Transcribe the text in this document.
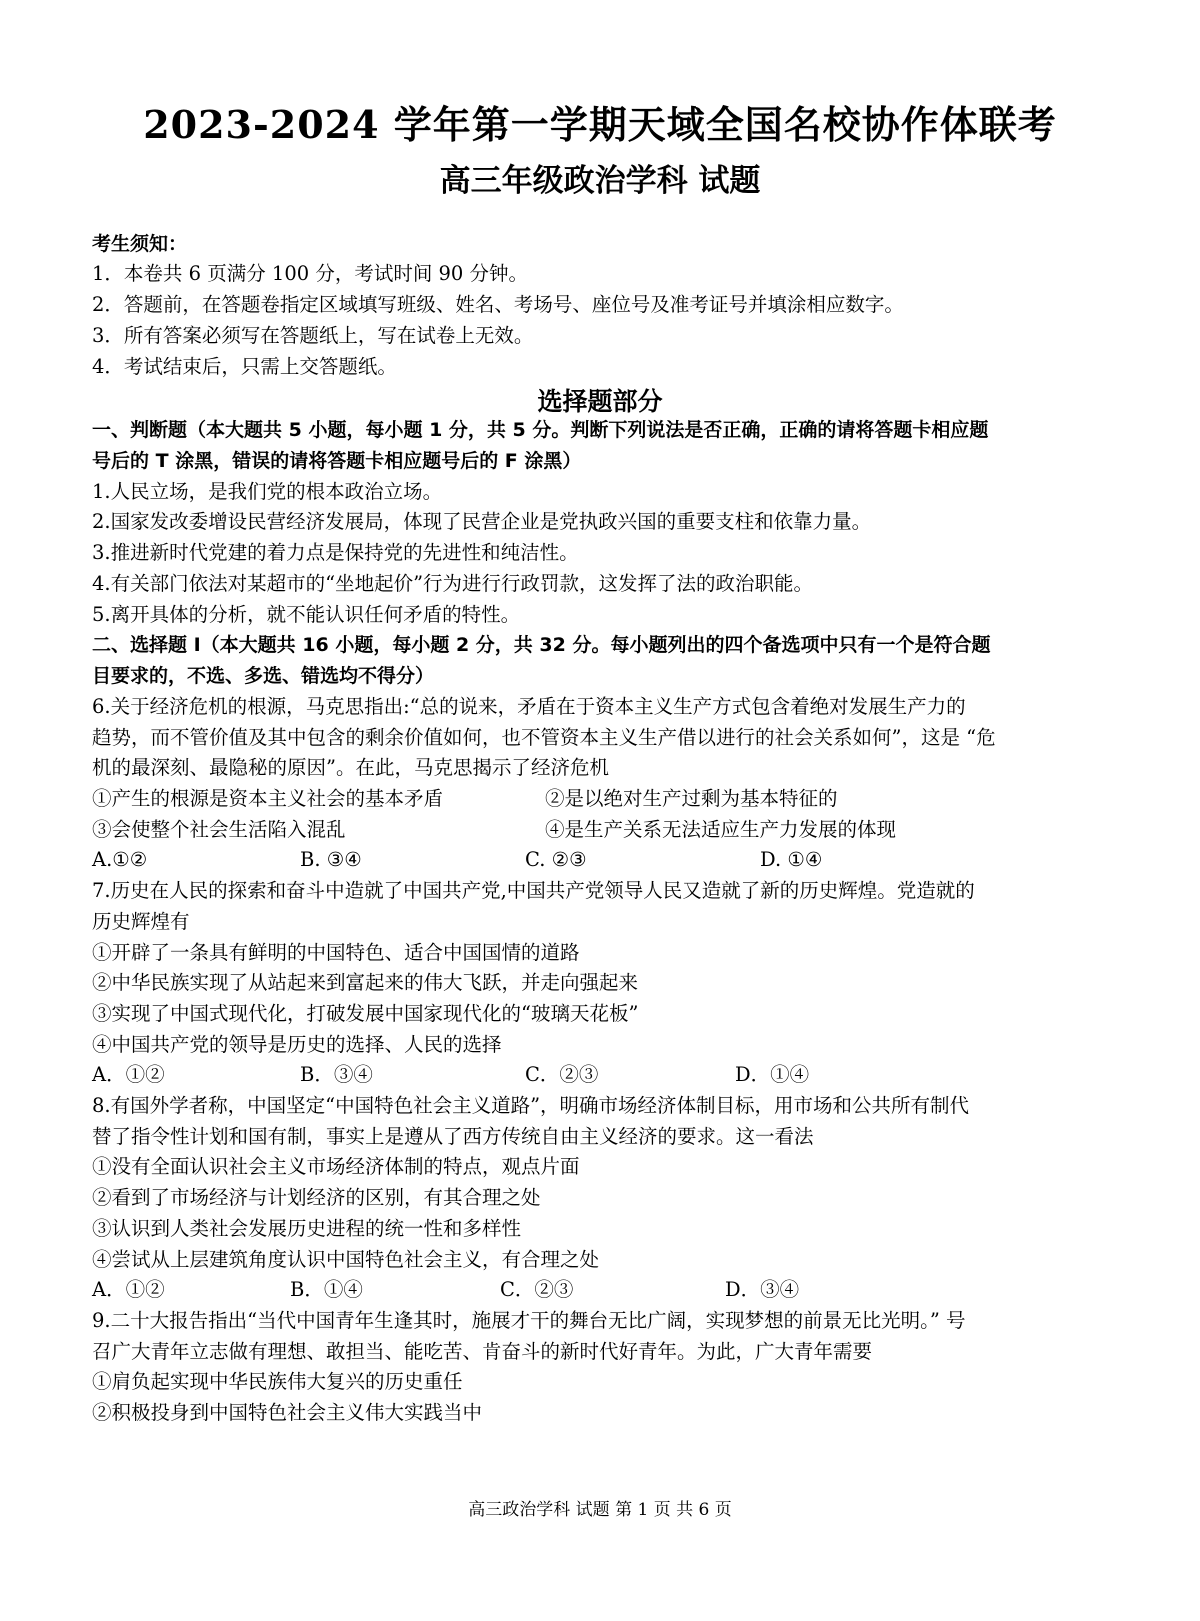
2023-2024 学年第一学期天域全国名校协作体联考
高三年级政治学科 试题
考生须知：
1．本卷共 6 页满分 100 分，考试时间 90 分钟。
2．答题前，在答题卷指定区域填写班级、姓名、考场号、座位号及准考证号并填涂相应数字。
3．所有答案必须写在答题纸上，写在试卷上无效。
4．考试结束后，只需上交答题纸。
选择题部分
一、判断题（本大题共 5 小题，每小题 1 分，共 5 分。判断下列说法是否正确，正确的请将答题卡相应题
号后的 T 涂黑，错误的请将答题卡相应题号后的 F 涂黑）
1.人民立场，是我们党的根本政治立场。
2.国家发改委增设民营经济发展局，体现了民营企业是党执政兴国的重要支柱和依靠力量。
3.推进新时代党建的着力点是保持党的先进性和纯洁性。
4.有关部门依法对某超市的“坐地起价”行为进行行政罚款，这发挥了法的政治职能。
5.离开具体的分析，就不能认识任何矛盾的特性。
二、选择题 I（本大题共 16 小题，每小题 2 分，共 32 分。每小题列出的四个备选项中只有一个是符合题
目要求的，不选、多选、错选均不得分）
6.关于经济危机的根源，马克思指出:“总的说来，矛盾在于资本主义生产方式包含着绝对发展生产力的
趋势，而不管价值及其中包含的剩余价值如何，也不管资本主义生产借以进行的社会关系如何”，这是 “危
机的最深刻、最隐秘的原因”。在此，马克思揭示了经济危机
①产生的根源是资本主义社会的基本矛盾	②是以绝对生产过剩为基本特征的
③会使整个社会生活陷入混乱	④是生产关系无法适应生产力发展的体现
A.①②	B. ③④	C. ②③	D. ①④
7.历史在人民的探索和奋斗中造就了中国共产党,中国共产党领导人民又造就了新的历史辉煌。党造就的
历史辉煌有
①开辟了一条具有鲜明的中国特色、适合中国国情的道路
②中华民族实现了从站起来到富起来的伟大飞跃，并走向强起来
③实现了中国式现代化，打破发展中国家现代化的“玻璃天花板”
④中国共产党的领导是历史的选择、人民的选择
A．①②	B．③④	C．②③	D．①④
8.有国外学者称，中国坚定“中国特色社会主义道路”，明确市场经济体制目标，用市场和公共所有制代
替了指令性计划和国有制，事实上是遵从了西方传统自由主义经济的要求。这一看法
①没有全面认识社会主义市场经济体制的特点，观点片面
②看到了市场经济与计划经济的区别，有其合理之处
③认识到人类社会发展历史进程的统一性和多样性
④尝试从上层建筑角度认识中国特色社会主义，有合理之处
A．①②	B．①④	C．②③	D．③④
9.二十大报告指出“当代中国青年生逢其时，施展才干的舞台无比广阔，实现梦想的前景无比光明。” 号
召广大青年立志做有理想、敢担当、能吃苦、肯奋斗的新时代好青年。为此，广大青年需要
①肩负起实现中华民族伟大复兴的历史重任
②积极投身到中国特色社会主义伟大实践当中
高三政治学科 试题 第 1 页 共 6 页
